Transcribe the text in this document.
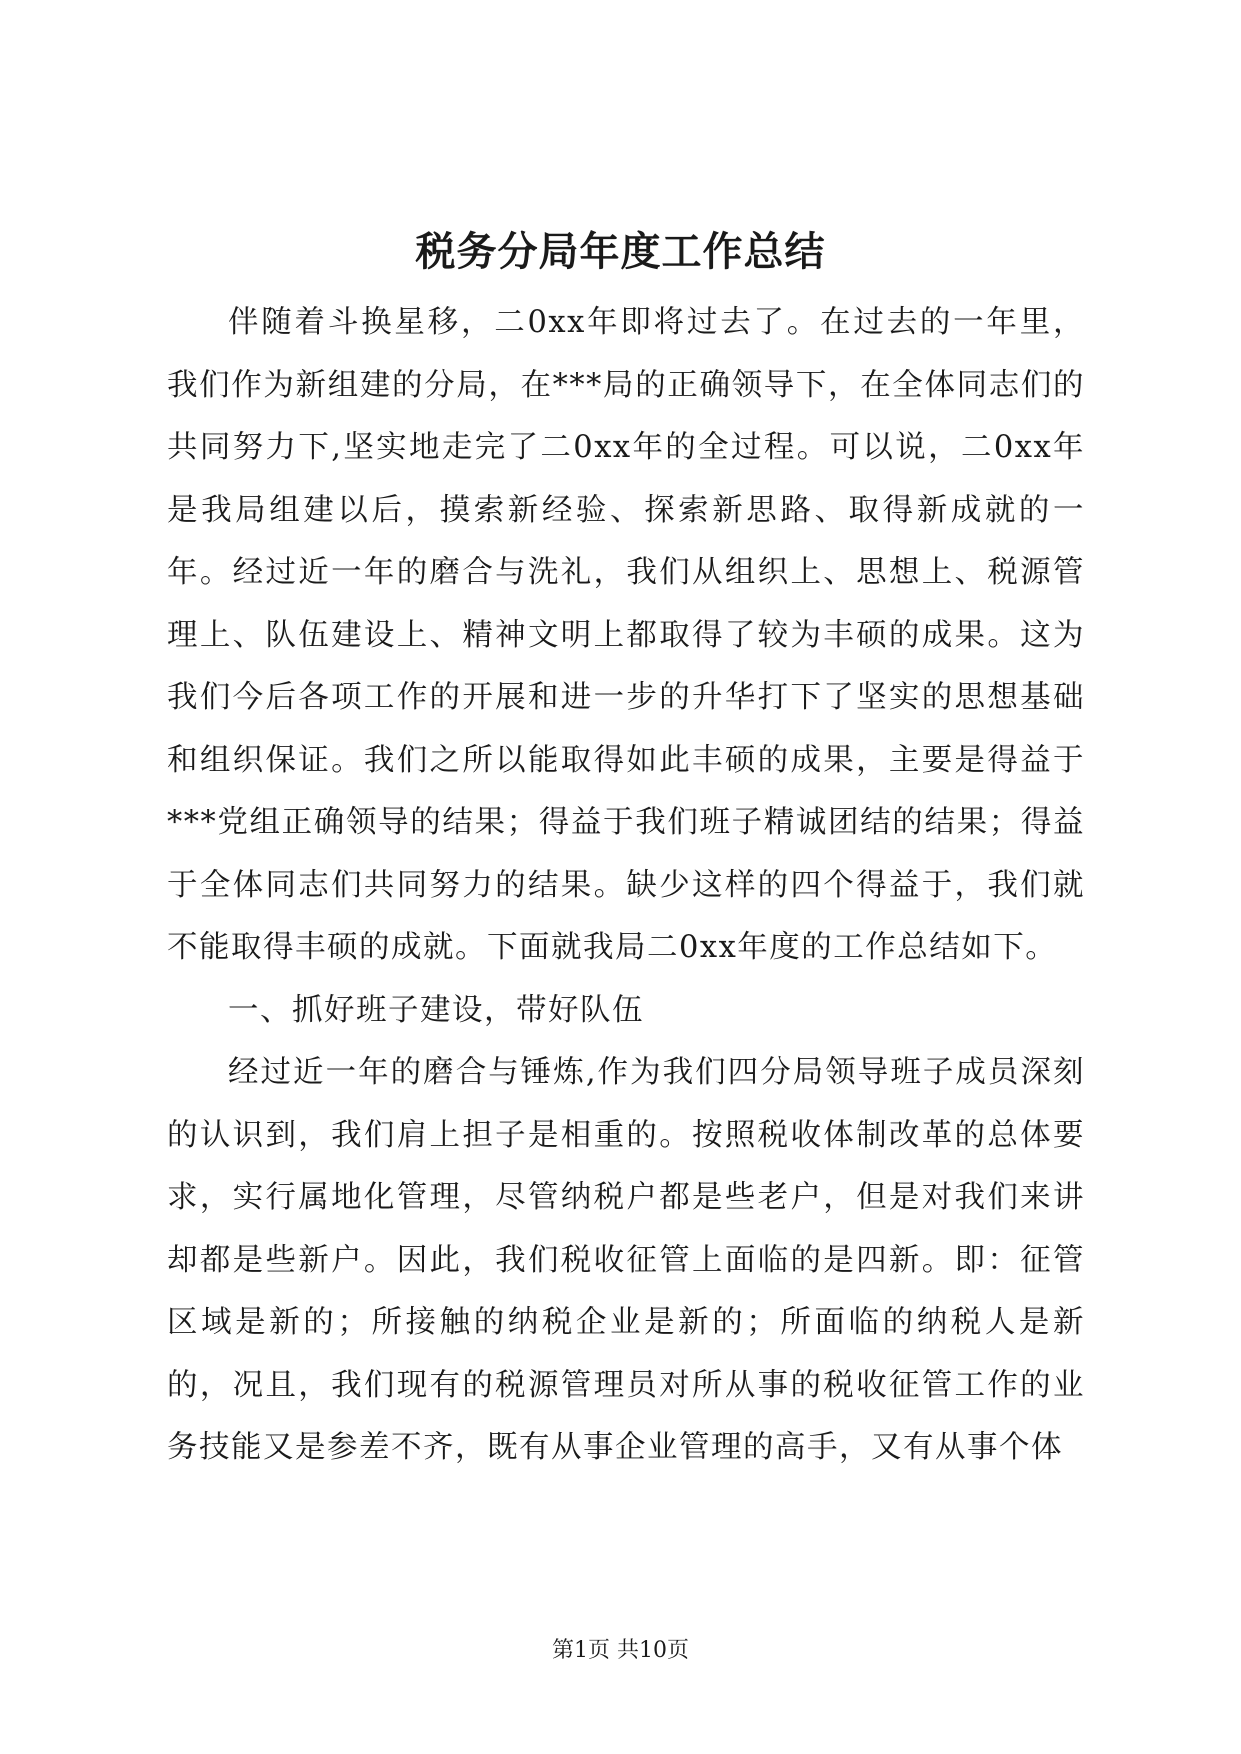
税务分局年度工作总结

伴随着斗换星移，二0xx年即将过去了。在过去的一年里，我们作为新组建的分局，在***局的正确领导下，在全体同志们的共同努力下,坚实地走完了二0xx年的全过程。可以说，二0xx年是我局组建以后，摸索新经验、探索新思路、取得新成就的一年。经过近一年的磨合与洗礼，我们从组织上、思想上、税源管理上、队伍建设上、精神文明上都取得了较为丰硕的成果。这为我们今后各项工作的开展和进一步的升华打下了坚实的思想基础和组织保证。我们之所以能取得如此丰硕的成果，主要是得益于***党组正确领导的结果；得益于我们班子精诚团结的结果；得益于全体同志们共同努力的结果。缺少这样的四个得益于，我们就不能取得丰硕的成就。下面就我局二0xx年度的工作总结如下。

一、抓好班子建设，带好队伍

经过近一年的磨合与锤炼,作为我们四分局领导班子成员深刻的认识到，我们肩上担子是相重的。按照税收体制改革的总体要求，实行属地化管理，尽管纳税户都是些老户，但是对我们来讲却都是些新户。因此，我们税收征管上面临的是四新。即：征管区域是新的；所接触的纳税企业是新的；所面临的纳税人是新的，况且，我们现有的税源管理员对所从事的税收征管工作的业务技能又是参差不齐，既有从事企业管理的高手，又有从事个体

第1页 共10页
